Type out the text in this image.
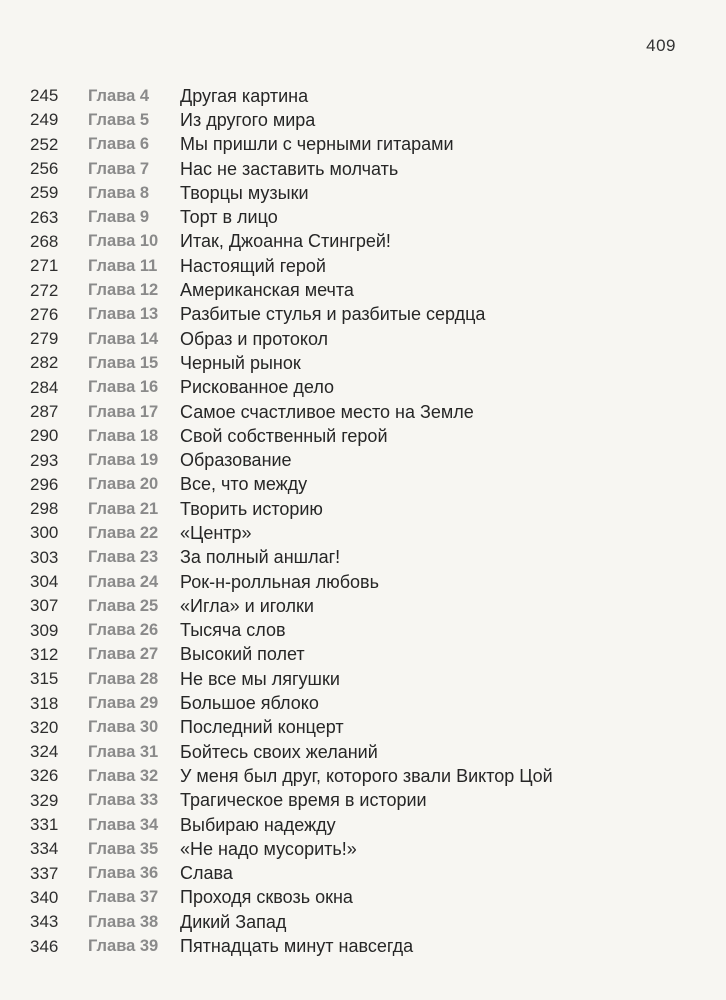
409
245	Глава 4	Другая картина
249	Глава 5	Из другого мира
252	Глава 6	Мы пришли с черными гитарами
256	Глава 7	Нас не заставить молчать
259	Глава 8	Творцы музыки
263	Глава 9	Торт в лицо
268	Глава 10	Итак, Джоанна Стингрей!
271	Глава 11	Настоящий герой
272	Глава 12	Американская мечта
276	Глава 13	Разбитые стулья и разбитые сердца
279	Глава 14	Образ и протокол
282	Глава 15	Черный рынок
284	Глава 16	Рискованное дело
287	Глава 17	Самое счастливое место на Земле
290	Глава 18	Свой собственный герой
293	Глава 19	Образование
296	Глава 20	Все, что между
298	Глава 21	Творить историю
300	Глава 22	«Центр»
303	Глава 23	За полный аншлаг!
304	Глава 24	Рок-н-ролльная любовь
307	Глава 25	«Игла» и иголки
309	Глава 26	Тысяча слов
312	Глава 27	Высокий полет
315	Глава 28	Не все мы лягушки
318	Глава 29	Большое яблоко
320	Глава 30	Последний концерт
324	Глава 31	Бойтесь своих желаний
326	Глава 32	У меня был друг, которого звали Виктор Цой
329	Глава 33	Трагическое время в истории
331	Глава 34	Выбираю надежду
334	Глава 35	«Не надо мусорить!»
337	Глава 36	Слава
340	Глава 37	Проходя сквозь окна
343	Глава 38	Дикий Запад
346	Глава 39	Пятнадцать минут навсегда
